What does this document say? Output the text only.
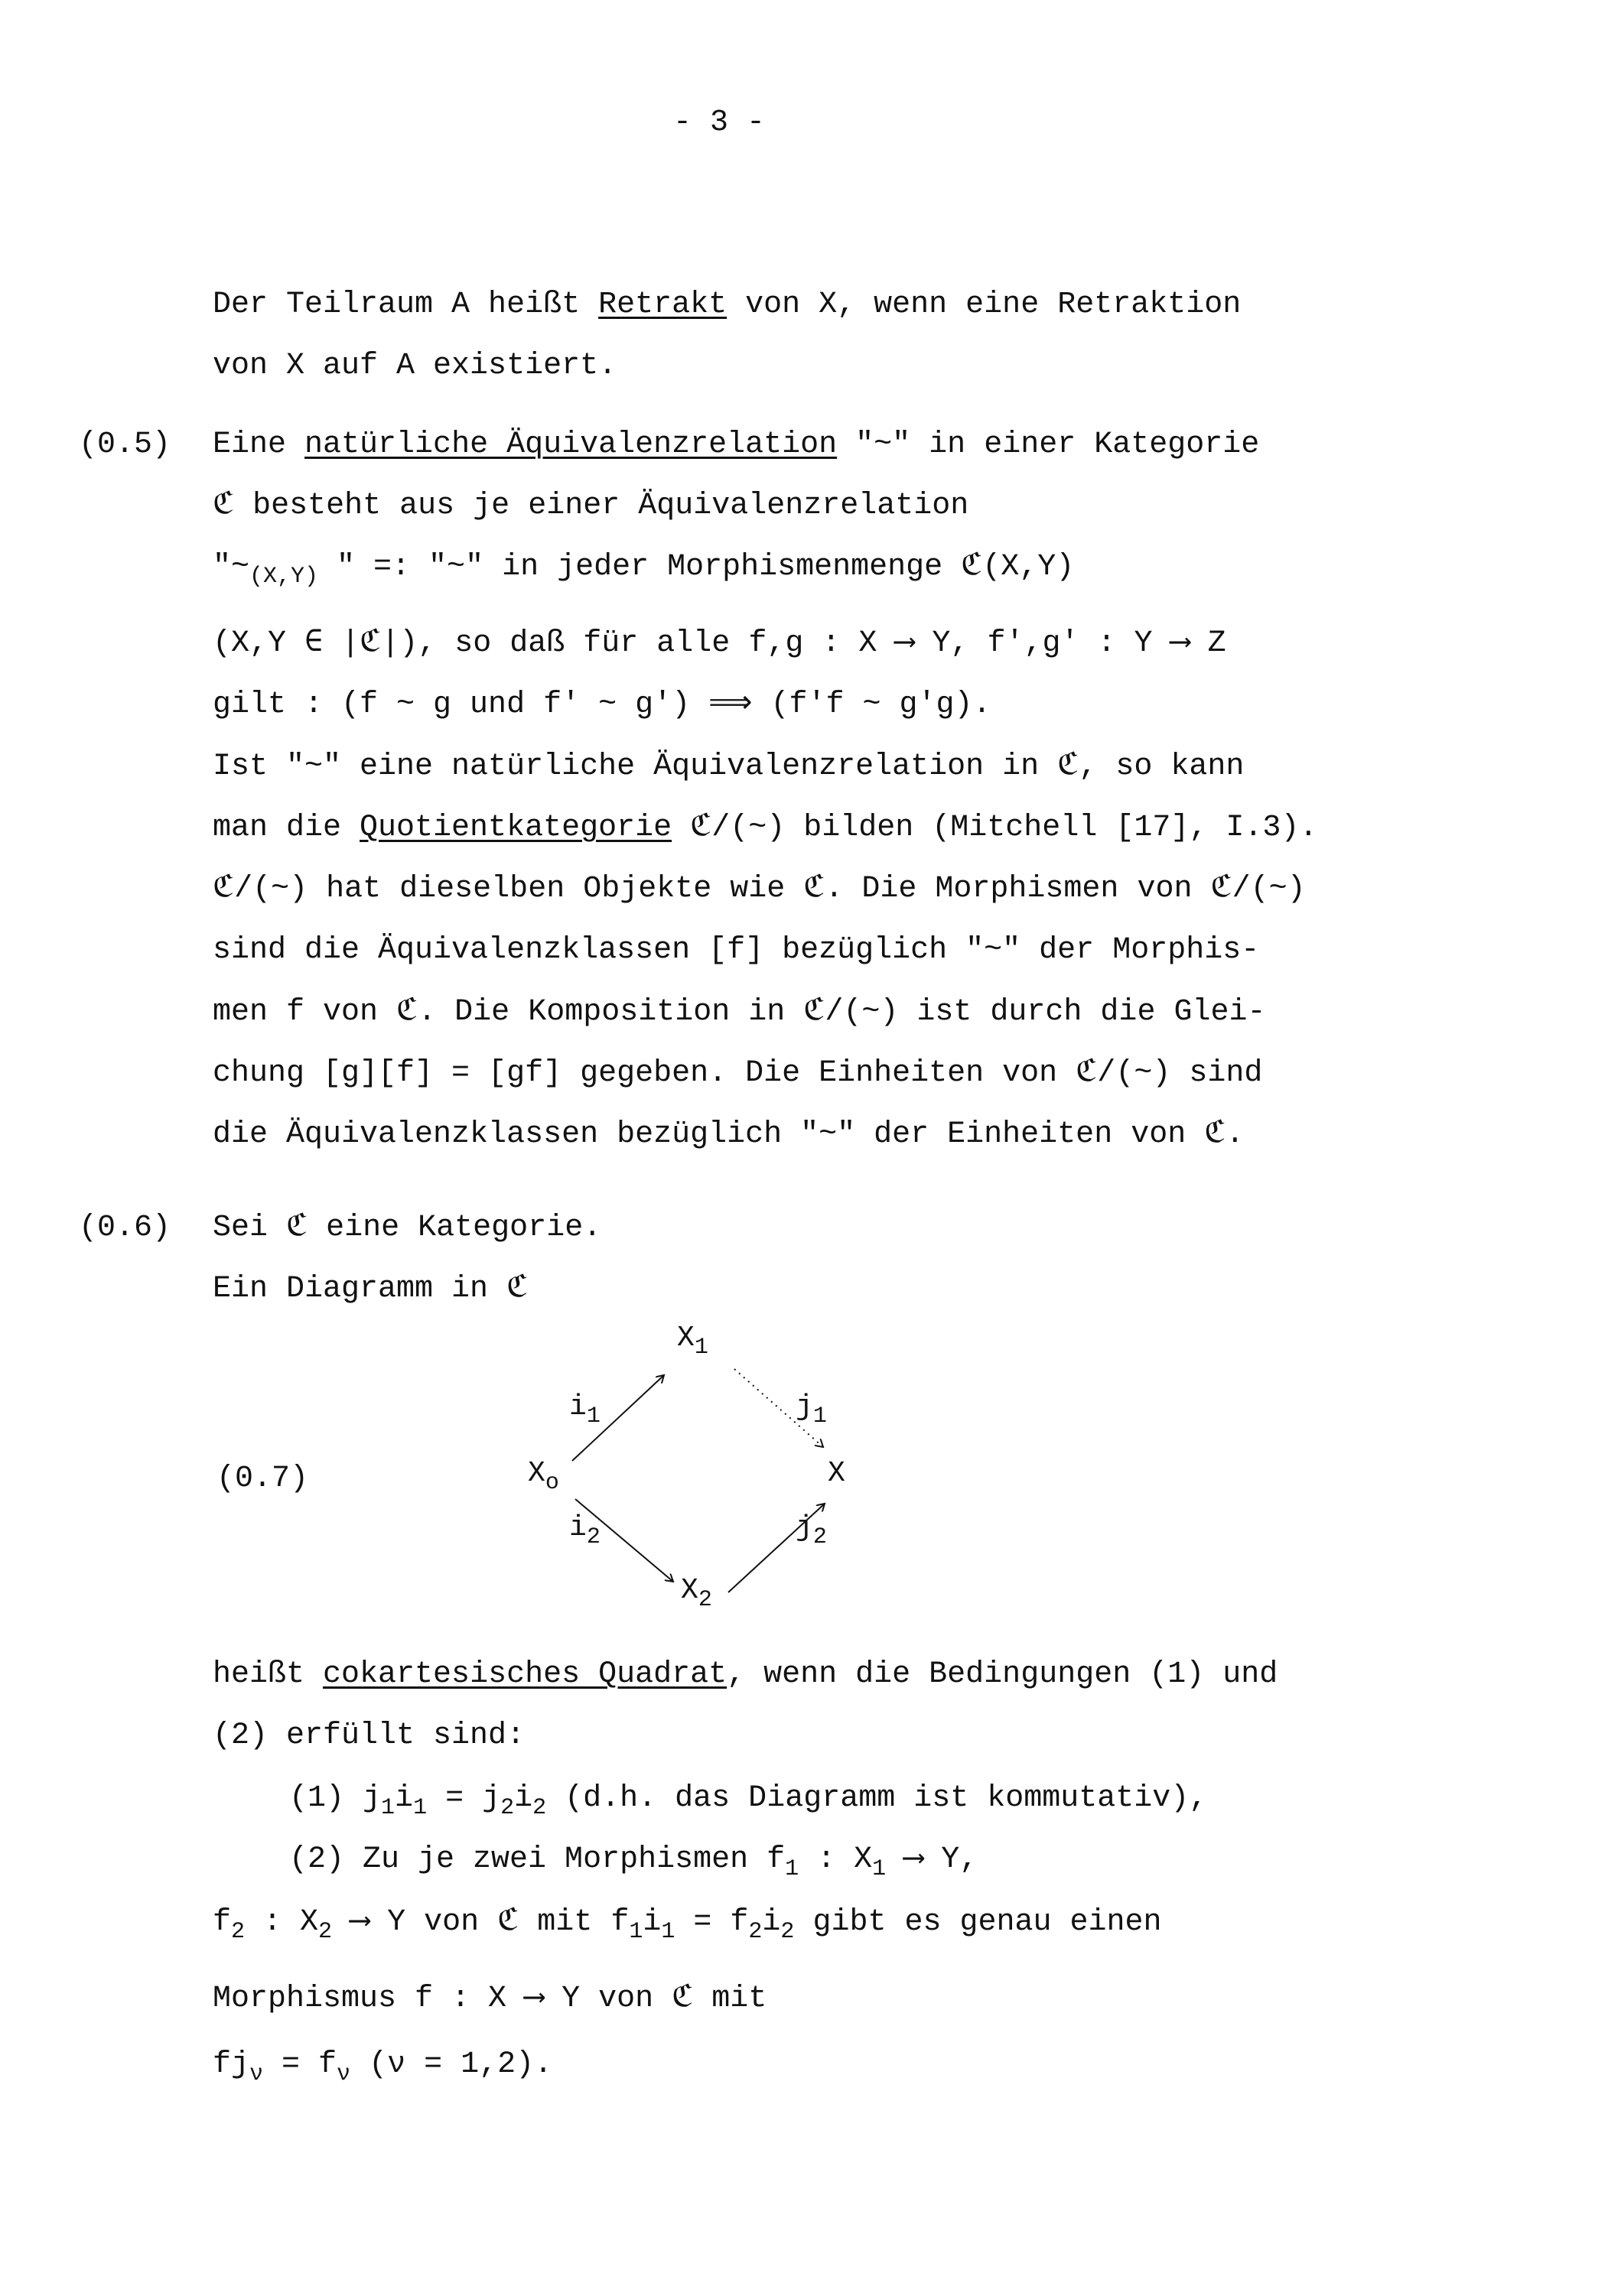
- 3 -
Der Teilraum A heißt Retrakt von X, wenn eine Retraktion
von X auf A existiert.
(0.5) Eine natürliche Äquivalenzrelation "~" in einer Kategorie
ℭ besteht aus je einer Äquivalenzrelation
"$\sim_{(X,Y)}$ " =: "~" in jeder Morphismenmenge ℭ(X,Y)
(X,Y ∈ |ℭ|), so daß für alle f,g : X ⟶ Y, f',g' : Y ⟶ Z
gilt : (f ~ g und f' ~ g') ⟹ (f'f ~ g'g).
Ist "~" eine natürliche Äquivalenzrelation in ℭ, so kann
man die Quotientkategorie ℭ/(~) bilden (Mitchell [17], I.3).
ℭ/(~) hat dieselben Objekte wie ℭ. Die Morphismen von ℭ/(~)
sind die Äquivalenzklassen [f] bezüglich "~" der Morphis-
men f von ℭ. Die Komposition in ℭ/(~) ist durch die Glei-
chung [g][f] = [gf] gegeben. Die Einheiten von ℭ/(~) sind
die Äquivalenzklassen bezüglich "~" der Einheiten von ℭ.
(0.6) Sei ℭ eine Kategorie.
Ein Diagramm in ℭ
(0.7)
$X_1$
$X_o$	X
$X_2$
$i_1$	$j_1$
$i_2$	$j_2$
heißt cokartesisches Quadrat, wenn die Bedingungen (1) und
(2) erfüllt sind:
(1) $j_1i_1 = j_2i_2$ (d.h. das Diagramm ist kommutativ),
(2) Zu je zwei Morphismen $f_1$ : $X_1$ ⟶ Y,
$f_2$ : $X_2$ ⟶ Y von ℭ mit $f_1i_1 = f_2i_2$ gibt es genau einen
Morphismus f : X ⟶ Y von ℭ mit
$fj_\nu = f_\nu$ (ν = 1,2).
